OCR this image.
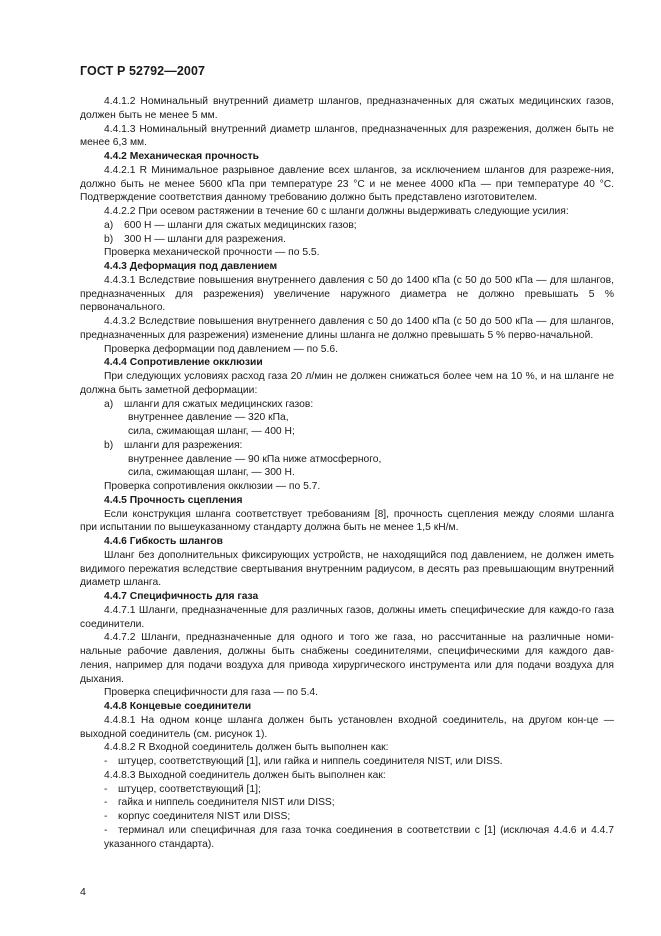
ГОСТ Р 52792—2007

4.4.1.2 Номинальный внутренний диаметр шлангов, предназначенных для сжатых медицинских газов, должен быть не менее 5 мм.

4.4.1.3 Номинальный внутренний диаметр шлангов, предназначенных для разрежения, должен быть не менее 6,3 мм.

4.4.2 Механическая прочность

4.4.2.1 R Минимальное разрывное давление всех шлангов, за исключением шлангов для разреже-ния, должно быть не менее 5600 кПа при температуре 23 °С и не менее 4000 кПа — при температуре 40 °С. Подтверждение соответствия данному требованию должно быть представлено изготовителем.

4.4.2.2 При осевом растяжении в течение 60 с шланги должны выдерживать следующие усилия:

а) 600 Н — шланги для сжатых медицинских газов;

b) 300 Н — шланги для разрежения.

Проверка механической прочности — по 5.5.

4.4.3 Деформация под давлением

4.4.3.1 Вследствие повышения внутреннего давления с 50 до 1400 кПа (с 50 до 500 кПа — для шлангов, предназначенных для разрежения) увеличение наружного диаметра не должно превышать 5 % первоначального.

4.4.3.2 Вследствие повышения внутреннего давления с 50 до 1400 кПа (с 50 до 500 кПа — для шлангов, предназначенных для разрежения) изменение длины шланга не должно превышать 5 % перво-начальной.

Проверка деформации под давлением — по 5.6.

4.4.4 Сопротивление окклюзии

При следующих условиях расход газа 20 л/мин не должен снижаться более чем на 10 %, и на шланге не должна быть заметной деформации:

а) шланги для сжатых медицинских газов:

внутреннее давление — 320 кПа,

сила, сжимающая шланг, — 400 Н;

b) шланги для разрежения:

внутреннее давление — 90 кПа ниже атмосферного,

сила, сжимающая шланг, — 300 Н.

Проверка сопротивления окклюзии — по 5.7.

4.4.5 Прочность сцепления

Если конструкция шланга соответствует требованиям [8], прочность сцепления между слоями шланга при испытании по вышеуказанному стандарту должна быть не менее 1,5 кН/м.

4.4.6 Гибкость шлангов

Шланг без дополнительных фиксирующих устройств, не находящийся под давлением, не должен иметь видимого пережатия вследствие свертывания внутренним радиусом, в десять раз превышающим внутренний диаметр шланга.

4.4.7 Специфичность для газа

4.4.7.1 Шланги, предназначенные для различных газов, должны иметь специфические для каждо-го газа соединители.

4.4.7.2 Шланги, предназначенные для одного и того же газа, но рассчитанные на различные номи-нальные рабочие давления, должны быть снабжены соединителями, специфическими для каждого дав-ления, например для подачи воздуха для привода хирургического инструмента или для подачи воздуха для дыхания.

Проверка специфичности для газа — по 5.4.

4.4.8 Концевые соединители

4.4.8.1 На одном конце шланга должен быть установлен входной соединитель, на другом кон-це — выходной соединитель (см. рисунок 1).

4.4.8.2 R Входной соединитель должен быть выполнен как:

- штуцер, соответствующий [1], или гайка и ниппель соединителя NIST, или DISS.

4.4.8.3 Выходной соединитель должен быть выполнен как:

- штуцер, соответствующий [1];

- гайка и ниппель соединителя NIST или DISS;

- корпус соединителя NIST или DISS;

- терминал или специфичная для газа точка соединения в соответствии с [1] (исключая 4.4.6 и 4.4.7 указанного стандарта).

4
